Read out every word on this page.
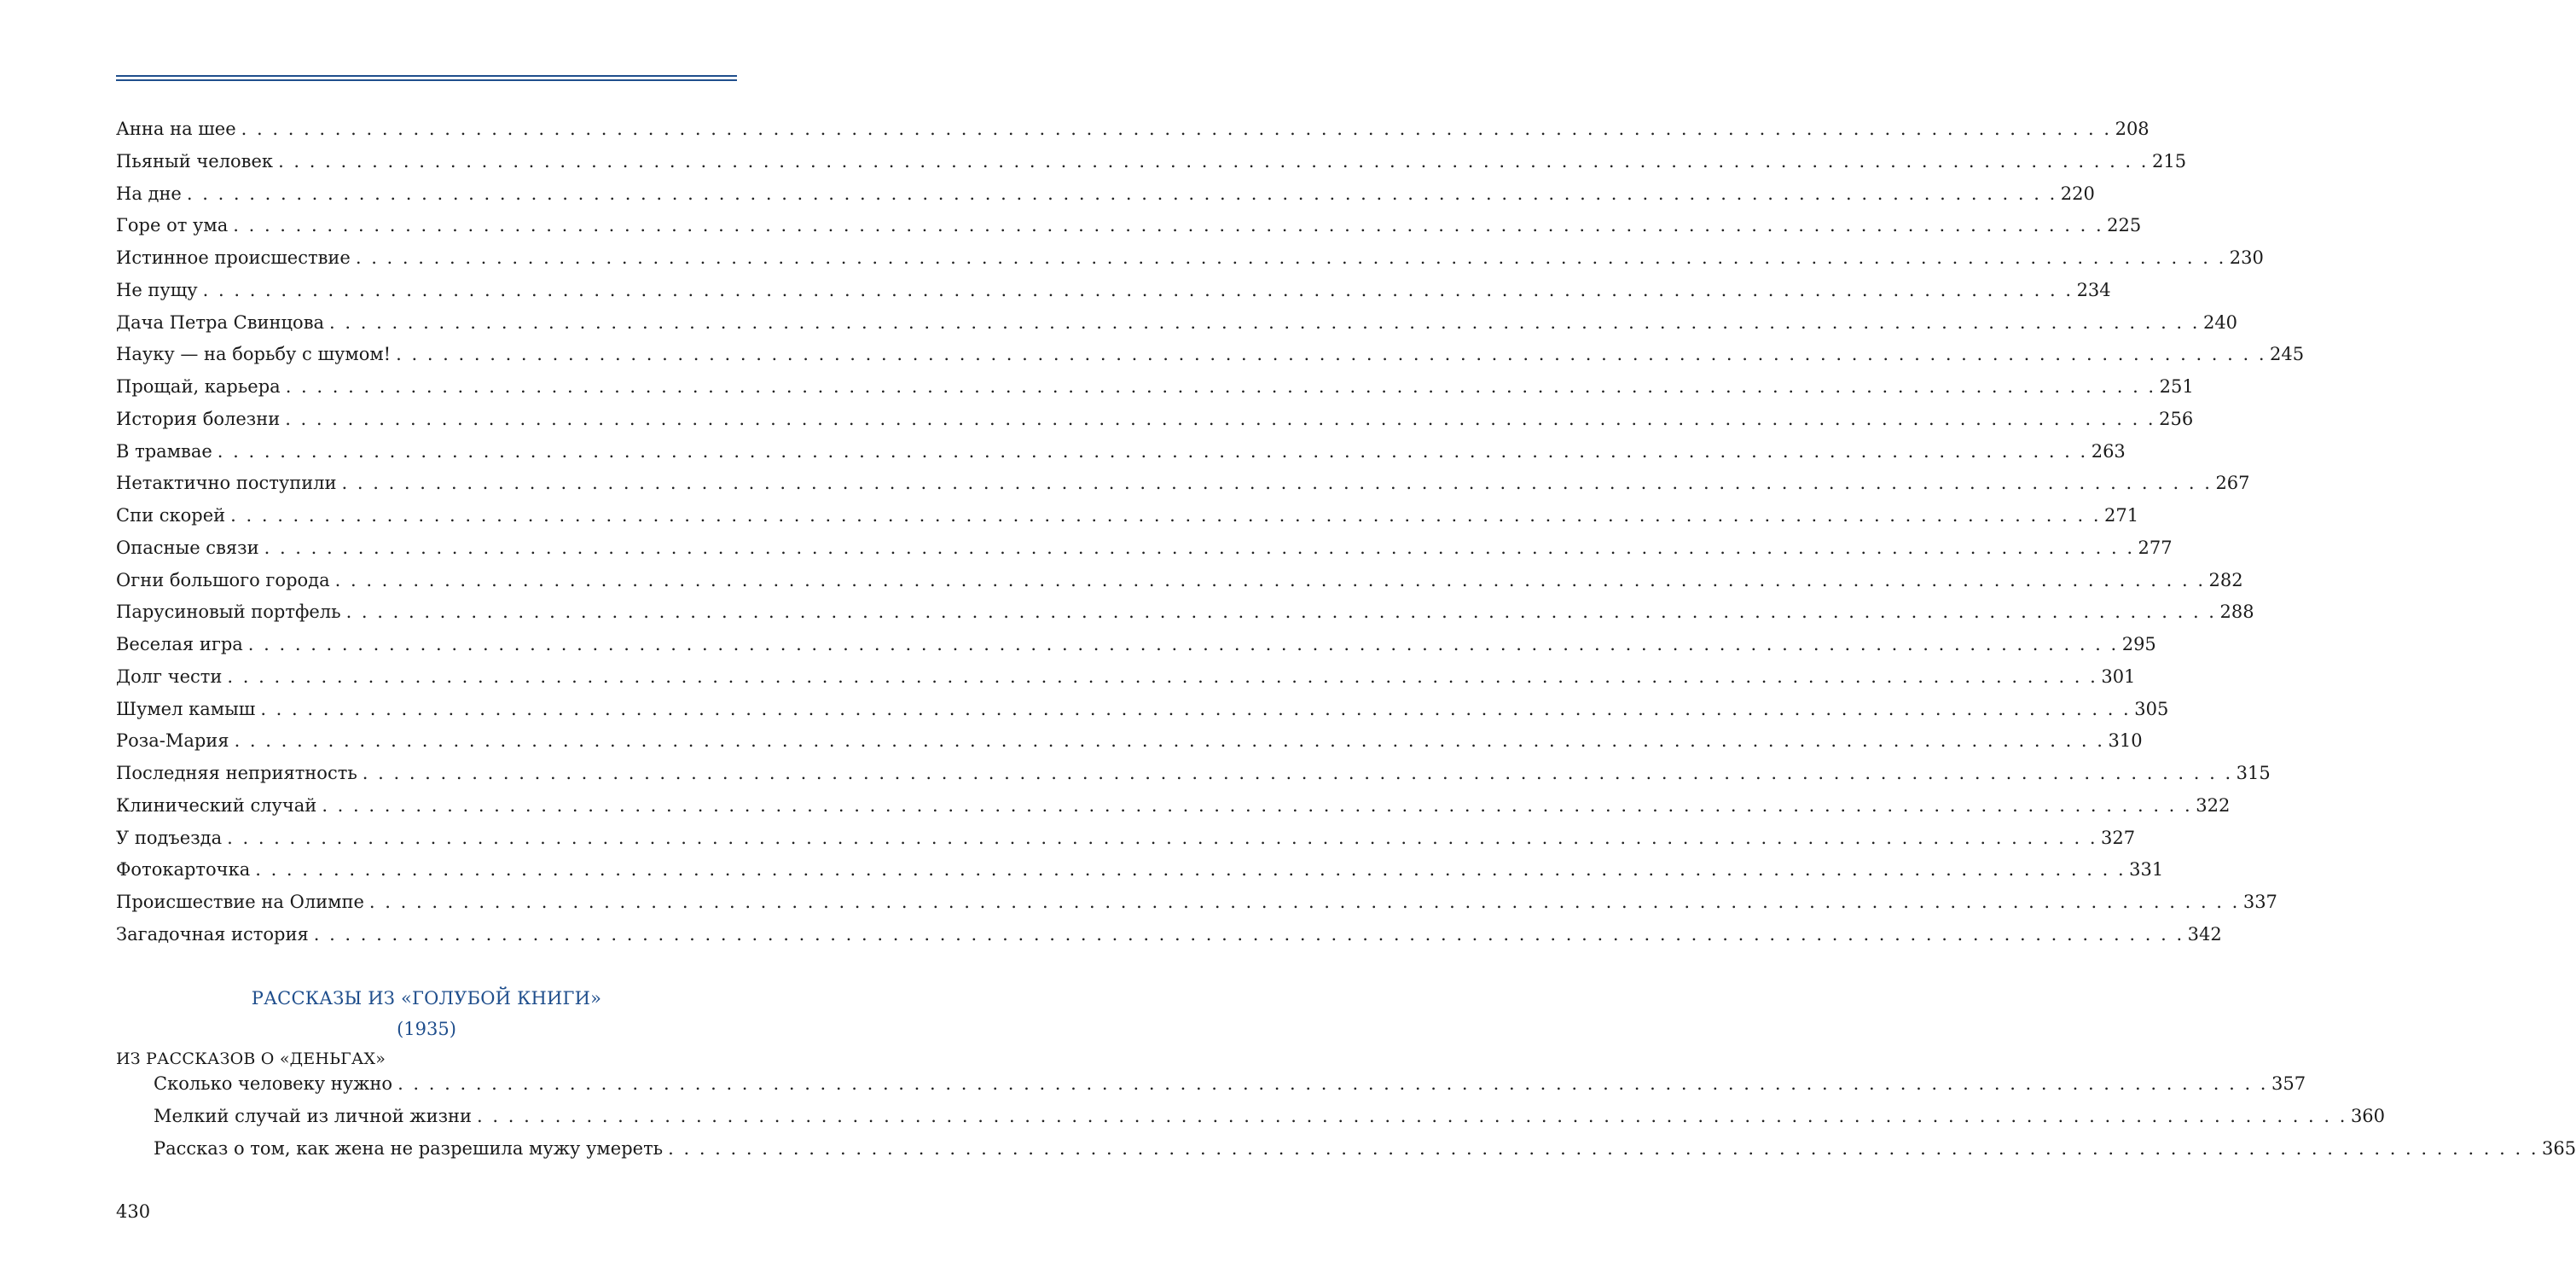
Анна на шее . . . . . . . . . . . . . . . . . . . . . . . . . . . . . . . . . . . . . . . . . . . . . . . . . . . . . . . . . . . . . . . . . . . . . . . . . . . . . . . . . . . . . . . . . . . . . . . . . . . . . . . . . . . . . . . . . . . . . . . . 208
Пьяный человек . . . . . . . . . . . . . . . . . . . . . . . . . . . . . . . . . . . . . . . . . . . . . . . . . . . . . . . . . . . . . . . . . . . . . . . . . . . . . . . . . . . . . . . . . . . . . . . . . . . . . . . . . . . . . . . . . . . . . . . . 215
На дне . . . . . . . . . . . . . . . . . . . . . . . . . . . . . . . . . . . . . . . . . . . . . . . . . . . . . . . . . . . . . . . . . . . . . . . . . . . . . . . . . . . . . . . . . . . . . . . . . . . . . . . . . . . . . . . . . . . . . . . . 220
Горе от ума . . . . . . . . . . . . . . . . . . . . . . . . . . . . . . . . . . . . . . . . . . . . . . . . . . . . . . . . . . . . . . . . . . . . . . . . . . . . . . . . . . . . . . . . . . . . . . . . . . . . . . . . . . . . . . . . . . . . . . . . 225
Истинное происшествие . . . . . . . . . . . . . . . . . . . . . . . . . . . . . . . . . . . . . . . . . . . . . . . . . . . . . . . . . . . . . . . . . . . . . . . . . . . . . . . . . . . . . . . . . . . . . . . . . . . . . . . . . . . . . . . . . . . . . . . . 230
Не пущу . . . . . . . . . . . . . . . . . . . . . . . . . . . . . . . . . . . . . . . . . . . . . . . . . . . . . . . . . . . . . . . . . . . . . . . . . . . . . . . . . . . . . . . . . . . . . . . . . . . . . . . . . . . . . . . . . . . . . . . . 234
Дача Петра Свинцова . . . . . . . . . . . . . . . . . . . . . . . . . . . . . . . . . . . . . . . . . . . . . . . . . . . . . . . . . . . . . . . . . . . . . . . . . . . . . . . . . . . . . . . . . . . . . . . . . . . . . . . . . . . . . . . . . . . . . . . . 240
Науку — на борьбу с шумом! . . . . . . . . . . . . . . . . . . . . . . . . . . . . . . . . . . . . . . . . . . . . . . . . . . . . . . . . . . . . . . . . . . . . . . . . . . . . . . . . . . . . . . . . . . . . . . . . . . . . . . . . . . . . . . . . . . . . . . . . 245
Прощай, карьера . . . . . . . . . . . . . . . . . . . . . . . . . . . . . . . . . . . . . . . . . . . . . . . . . . . . . . . . . . . . . . . . . . . . . . . . . . . . . . . . . . . . . . . . . . . . . . . . . . . . . . . . . . . . . . . . . . . . . . . . 251
История болезни . . . . . . . . . . . . . . . . . . . . . . . . . . . . . . . . . . . . . . . . . . . . . . . . . . . . . . . . . . . . . . . . . . . . . . . . . . . . . . . . . . . . . . . . . . . . . . . . . . . . . . . . . . . . . . . . . . . . . . . . 256
В трамвае . . . . . . . . . . . . . . . . . . . . . . . . . . . . . . . . . . . . . . . . . . . . . . . . . . . . . . . . . . . . . . . . . . . . . . . . . . . . . . . . . . . . . . . . . . . . . . . . . . . . . . . . . . . . . . . . . . . . . . . . 263
Нетактично поступили . . . . . . . . . . . . . . . . . . . . . . . . . . . . . . . . . . . . . . . . . . . . . . . . . . . . . . . . . . . . . . . . . . . . . . . . . . . . . . . . . . . . . . . . . . . . . . . . . . . . . . . . . . . . . . . . . . . . . . . . 267
Спи скорей . . . . . . . . . . . . . . . . . . . . . . . . . . . . . . . . . . . . . . . . . . . . . . . . . . . . . . . . . . . . . . . . . . . . . . . . . . . . . . . . . . . . . . . . . . . . . . . . . . . . . . . . . . . . . . . . . . . . . . . . 271
Опасные связи . . . . . . . . . . . . . . . . . . . . . . . . . . . . . . . . . . . . . . . . . . . . . . . . . . . . . . . . . . . . . . . . . . . . . . . . . . . . . . . . . . . . . . . . . . . . . . . . . . . . . . . . . . . . . . . . . . . . . . . . 277
Огни большого города . . . . . . . . . . . . . . . . . . . . . . . . . . . . . . . . . . . . . . . . . . . . . . . . . . . . . . . . . . . . . . . . . . . . . . . . . . . . . . . . . . . . . . . . . . . . . . . . . . . . . . . . . . . . . . . . . . . . . . . . 282
Парусиновый портфель . . . . . . . . . . . . . . . . . . . . . . . . . . . . . . . . . . . . . . . . . . . . . . . . . . . . . . . . . . . . . . . . . . . . . . . . . . . . . . . . . . . . . . . . . . . . . . . . . . . . . . . . . . . . . . . . . . . . . . . . 288
Веселая игра . . . . . . . . . . . . . . . . . . . . . . . . . . . . . . . . . . . . . . . . . . . . . . . . . . . . . . . . . . . . . . . . . . . . . . . . . . . . . . . . . . . . . . . . . . . . . . . . . . . . . . . . . . . . . . . . . . . . . . . . 295
Долг чести . . . . . . . . . . . . . . . . . . . . . . . . . . . . . . . . . . . . . . . . . . . . . . . . . . . . . . . . . . . . . . . . . . . . . . . . . . . . . . . . . . . . . . . . . . . . . . . . . . . . . . . . . . . . . . . . . . . . . . . . 301
Шумел камыш . . . . . . . . . . . . . . . . . . . . . . . . . . . . . . . . . . . . . . . . . . . . . . . . . . . . . . . . . . . . . . . . . . . . . . . . . . . . . . . . . . . . . . . . . . . . . . . . . . . . . . . . . . . . . . . . . . . . . . . . 305
Роза-Мария . . . . . . . . . . . . . . . . . . . . . . . . . . . . . . . . . . . . . . . . . . . . . . . . . . . . . . . . . . . . . . . . . . . . . . . . . . . . . . . . . . . . . . . . . . . . . . . . . . . . . . . . . . . . . . . . . . . . . . . . 310
Последняя неприятность . . . . . . . . . . . . . . . . . . . . . . . . . . . . . . . . . . . . . . . . . . . . . . . . . . . . . . . . . . . . . . . . . . . . . . . . . . . . . . . . . . . . . . . . . . . . . . . . . . . . . . . . . . . . . . . . . . . . . . . . 315
Клинический случай . . . . . . . . . . . . . . . . . . . . . . . . . . . . . . . . . . . . . . . . . . . . . . . . . . . . . . . . . . . . . . . . . . . . . . . . . . . . . . . . . . . . . . . . . . . . . . . . . . . . . . . . . . . . . . . . . . . . . . . . 322
У подъезда . . . . . . . . . . . . . . . . . . . . . . . . . . . . . . . . . . . . . . . . . . . . . . . . . . . . . . . . . . . . . . . . . . . . . . . . . . . . . . . . . . . . . . . . . . . . . . . . . . . . . . . . . . . . . . . . . . . . . . . . 327
Фотокарточка . . . . . . . . . . . . . . . . . . . . . . . . . . . . . . . . . . . . . . . . . . . . . . . . . . . . . . . . . . . . . . . . . . . . . . . . . . . . . . . . . . . . . . . . . . . . . . . . . . . . . . . . . . . . . . . . . . . . . . . . 331
Происшествие на Олимпе . . . . . . . . . . . . . . . . . . . . . . . . . . . . . . . . . . . . . . . . . . . . . . . . . . . . . . . . . . . . . . . . . . . . . . . . . . . . . . . . . . . . . . . . . . . . . . . . . . . . . . . . . . . . . . . . . . . . . . . . 337
Загадочная история . . . . . . . . . . . . . . . . . . . . . . . . . . . . . . . . . . . . . . . . . . . . . . . . . . . . . . . . . . . . . . . . . . . . . . . . . . . . . . . . . . . . . . . . . . . . . . . . . . . . . . . . . . . . . . . . . . . . . . . . 342
РАССКАЗЫ ИЗ «ГОЛУБОЙ КНИГИ»
(1935)
ИЗ РАССКАЗОВ О «ДЕНЬГАХ»
Сколько человеку нужно . . . . . . . . . . . . . . . . . . . . . . . . . . . . . . . . . . . . . . . . . . . . . . . . . . . . . . . . . . . . . . . . . . . . . . . . . . . . . . . . . . . . . . . . . . . . . . . . . . . . . . . . . . . . . . . . . . . . . . . . 357
Мелкий случай из личной жизни . . . . . . . . . . . . . . . . . . . . . . . . . . . . . . . . . . . . . . . . . . . . . . . . . . . . . . . . . . . . . . . . . . . . . . . . . . . . . . . . . . . . . . . . . . . . . . . . . . . . . . . . . . . . . . . . . . . . . . . . 360
Рассказ о том, как жена не разрешила мужу умереть . . . . . . . . . . . . . . . . . . . . . . . . . . . . . . . . . . . . . . . . . . . . . . . . . . . . . . . . . . . . . . . . . . . . . . . . . . . . . . . . . . . . . . . . . . . . . . . . . . . . . . . . . . . . . . . . . . . . . . . . 365
430
